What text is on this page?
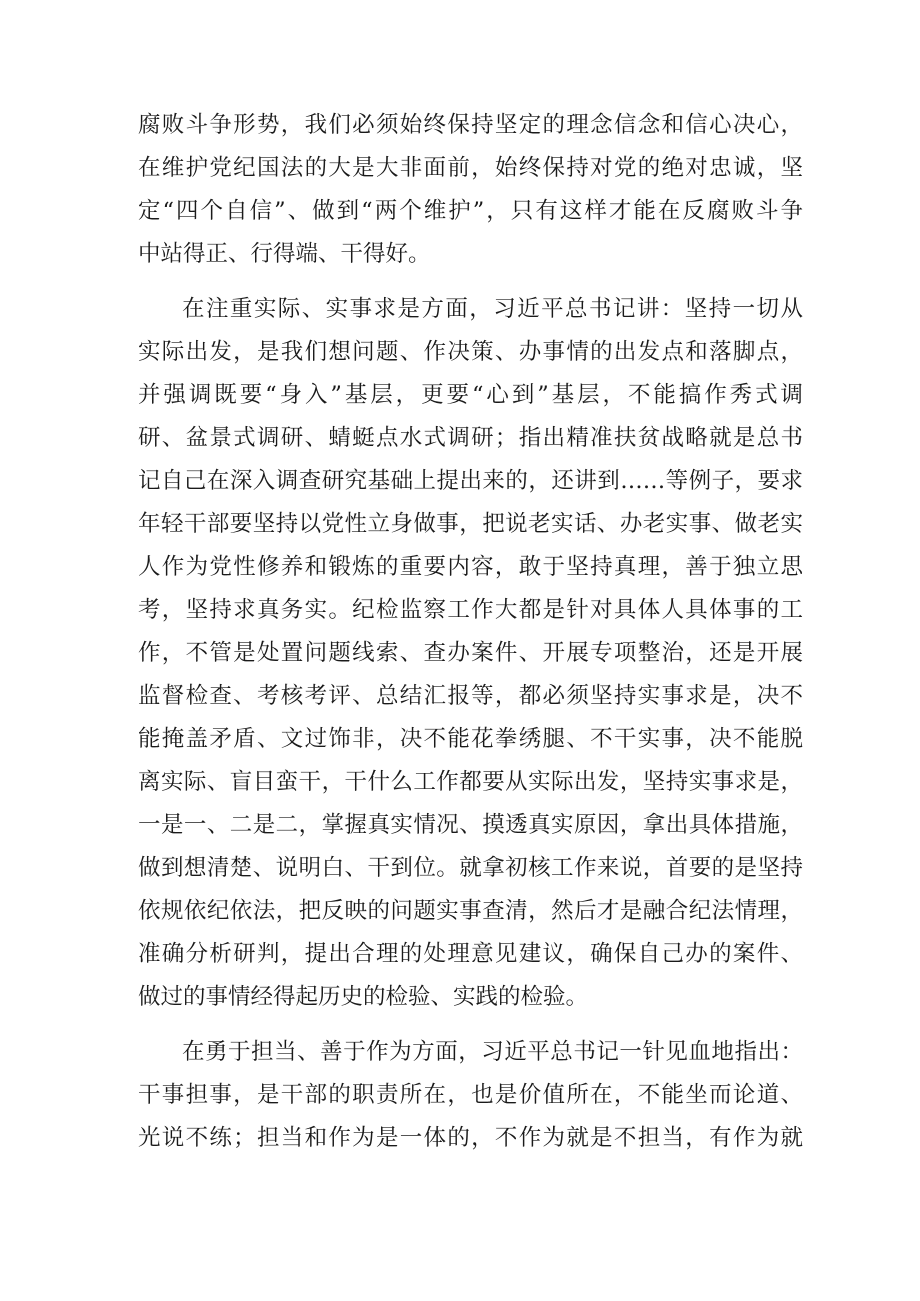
腐败斗争形势，我们必须始终保持坚定的理念信念和信心决心，
在维护党纪国法的大是大非面前，始终保持对党的绝对忠诚，坚
定“四个自信”、做到“两个维护”，只有这样才能在反腐败斗争
中站得正、行得端、干得好。
在注重实际、实事求是方面，习近平总书记讲：坚持一切从
实际出发，是我们想问题、作决策、办事情的出发点和落脚点，
并强调既要“身入”基层，更要“心到”基层，不能搞作秀式调
研、盆景式调研、蜻蜓点水式调研；指出精准扶贫战略就是总书
记自己在深入调查研究基础上提出来的，还讲到……等例子，要求
年轻干部要坚持以党性立身做事，把说老实话、办老实事、做老实
人作为党性修养和锻炼的重要内容，敢于坚持真理，善于独立思
考，坚持求真务实。纪检监察工作大都是针对具体人具体事的工
作，不管是处置问题线索、查办案件、开展专项整治，还是开展
监督检查、考核考评、总结汇报等，都必须坚持实事求是，决不
能掩盖矛盾、文过饰非，决不能花拳绣腿、不干实事，决不能脱
离实际、盲目蛮干，干什么工作都要从实际出发，坚持实事求是，
一是一、二是二，掌握真实情况、摸透真实原因，拿出具体措施，
做到想清楚、说明白、干到位。就拿初核工作来说，首要的是坚持
依规依纪依法，把反映的问题实事查清，然后才是融合纪法情理，
准确分析研判，提出合理的处理意见建议，确保自己办的案件、
做过的事情经得起历史的检验、实践的检验。
在勇于担当、善于作为方面，习近平总书记一针见血地指出：
干事担事，是干部的职责所在，也是价值所在，不能坐而论道、
光说不练；担当和作为是一体的，不作为就是不担当，有作为就
